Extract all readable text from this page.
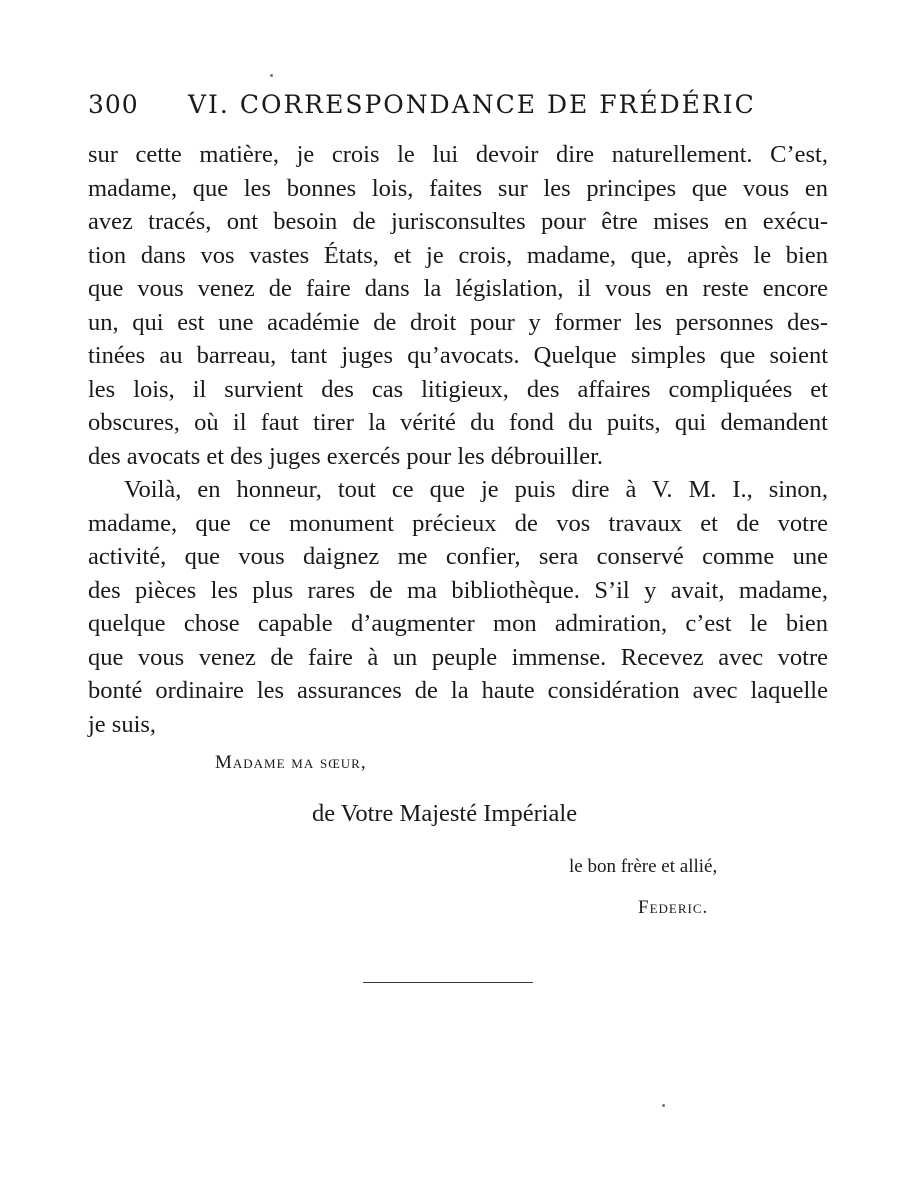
300 VI. CORRESPONDANCE DE FRÉDÉRIC
sur cette matière, je crois le lui devoir dire naturellement. C’est,
madame, que les bonnes lois, faites sur les principes que vous en
avez tracés, ont besoin de jurisconsultes pour être mises en exécu-
tion dans vos vastes États, et je crois, madame, que, après le bien
que vous venez de faire dans la législation, il vous en reste encore
un, qui est une académie de droit pour y former les personnes des-
tinées au barreau, tant juges qu’avocats. Quelque simples que soient
les lois, il survient des cas litigieux, des affaires compliquées et
obscures, où il faut tirer la vérité du fond du puits, qui demandent
des avocats et des juges exercés pour les débrouiller.
Voilà, en honneur, tout ce que je puis dire à V. M. I., sinon,
madame, que ce monument précieux de vos travaux et de votre
activité, que vous daignez me confier, sera conservé comme une
des pièces les plus rares de ma bibliothèque. S’il y avait, madame,
quelque chose capable d’augmenter mon admiration, c’est le bien
que vous venez de faire à un peuple immense. Recevez avec votre
bonté ordinaire les assurances de la haute considération avec laquelle
je suis,
Madame ma sœur,
de Votre Majesté Impériale
le bon frère et allié,
Federic.
